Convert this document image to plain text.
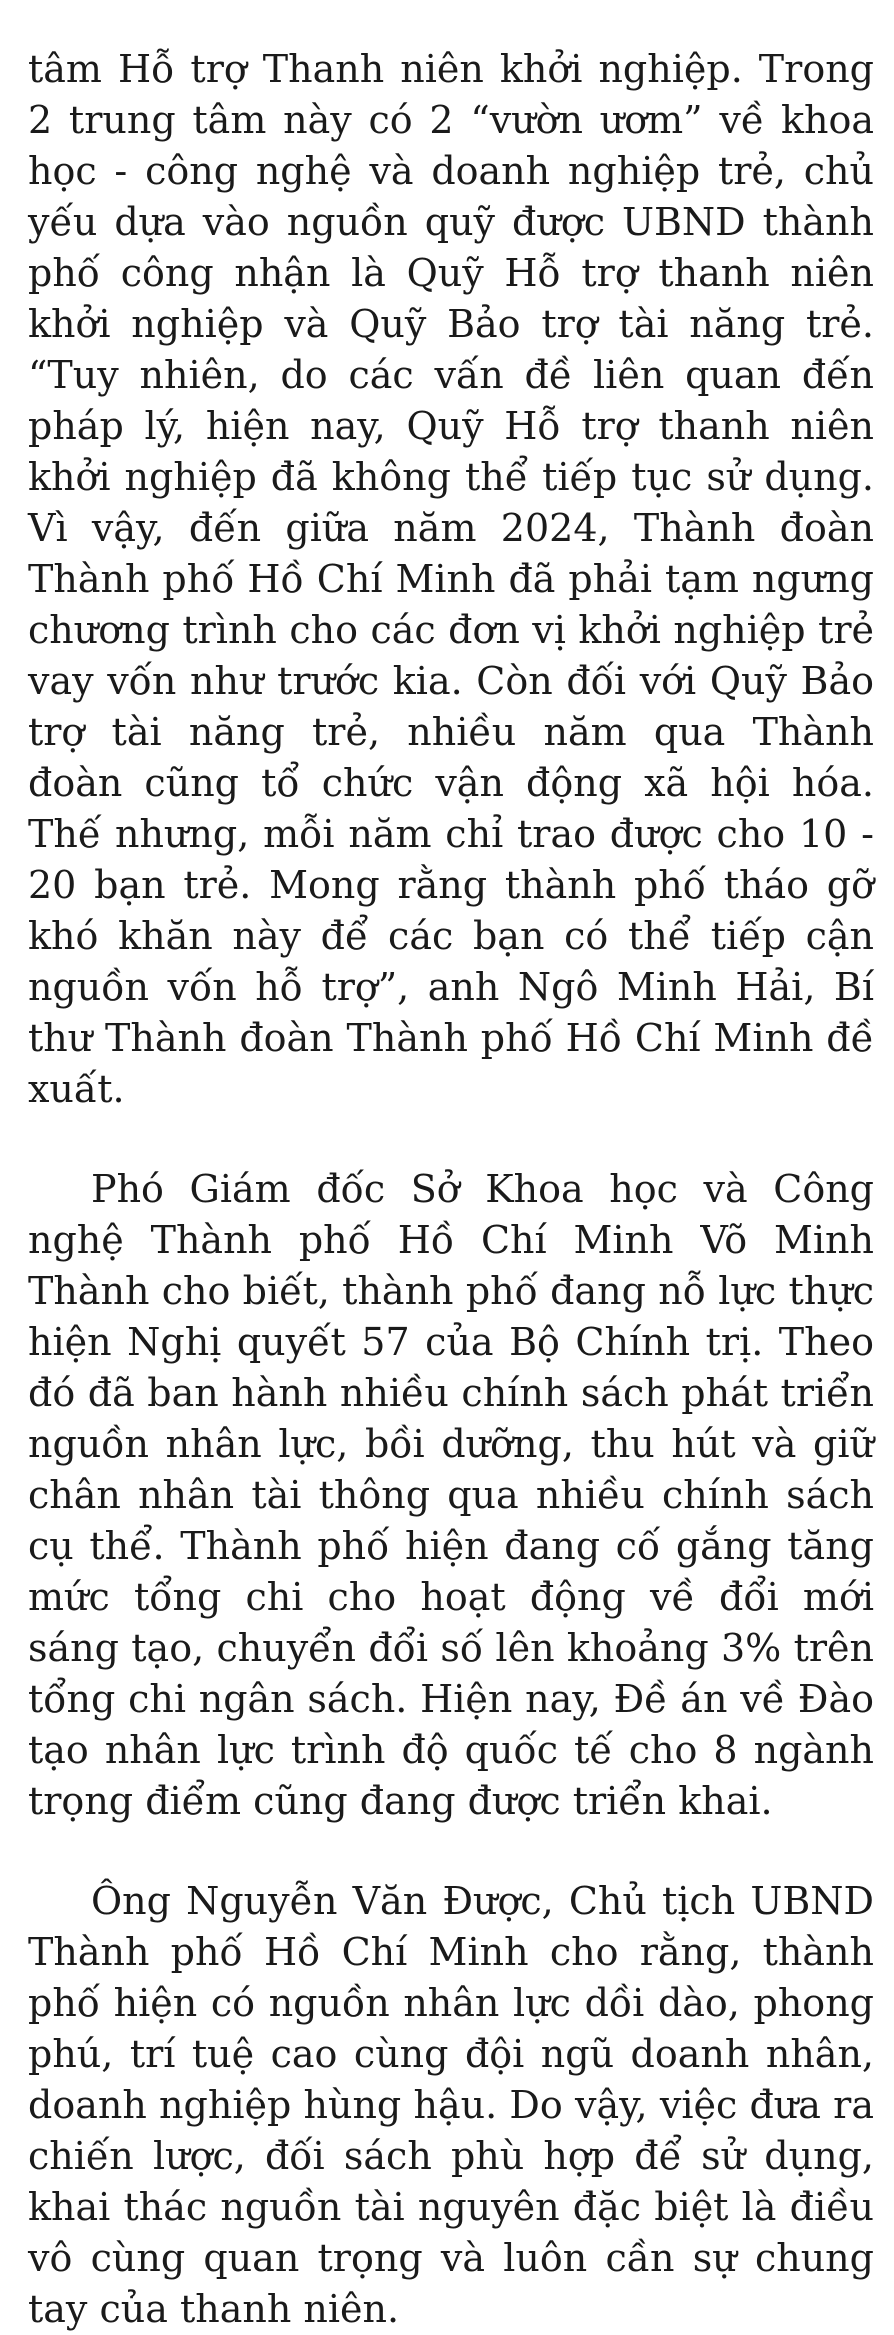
tâm Hỗ trợ Thanh niên khởi nghiệp. Trong 2 trung tâm này có 2 “vườn ươm” về khoa học - công nghệ và doanh nghiệp trẻ, chủ yếu dựa vào nguồn quỹ được UBND thành phố công nhận là Quỹ Hỗ trợ thanh niên khởi nghiệp và Quỹ Bảo trợ tài năng trẻ. “Tuy nhiên, do các vấn đề liên quan đến pháp lý, hiện nay, Quỹ Hỗ trợ thanh niên khởi nghiệp đã không thể tiếp tục sử dụng. Vì vậy, đến giữa năm 2024, Thành đoàn Thành phố Hồ Chí Minh đã phải tạm ngưng chương trình cho các đơn vị khởi nghiệp trẻ vay vốn như trước kia. Còn đối với Quỹ Bảo trợ tài năng trẻ, nhiều năm qua Thành đoàn cũng tổ chức vận động xã hội hóa. Thế nhưng, mỗi năm chỉ trao được cho 10 - 20 bạn trẻ. Mong rằng thành phố tháo gỡ khó khăn này để các bạn có thể tiếp cận nguồn vốn hỗ trợ”, anh Ngô Minh Hải, Bí thư Thành đoàn Thành phố Hồ Chí Minh đề xuất.

Phó Giám đốc Sở Khoa học và Công nghệ Thành phố Hồ Chí Minh Võ Minh Thành cho biết, thành phố đang nỗ lực thực hiện Nghị quyết 57 của Bộ Chính trị. Theo đó đã ban hành nhiều chính sách phát triển nguồn nhân lực, bồi dưỡng, thu hút và giữ chân nhân tài thông qua nhiều chính sách cụ thể. Thành phố hiện đang cố gắng tăng mức tổng chi cho hoạt động về đổi mới sáng tạo, chuyển đổi số lên khoảng 3% trên tổng chi ngân sách. Hiện nay, Đề án về Đào tạo nhân lực trình độ quốc tế cho 8 ngành trọng điểm cũng đang được triển khai.

Ông Nguyễn Văn Được, Chủ tịch UBND Thành phố Hồ Chí Minh cho rằng, thành phố hiện có nguồn nhân lực dồi dào, phong phú, trí tuệ cao cùng đội ngũ doanh nhân, doanh nghiệp hùng hậu. Do vậy, việc đưa ra chiến lược, đối sách phù hợp để sử dụng, khai thác nguồn tài nguyên đặc biệt là điều vô cùng quan trọng và luôn cần sự chung tay của thanh niên.
